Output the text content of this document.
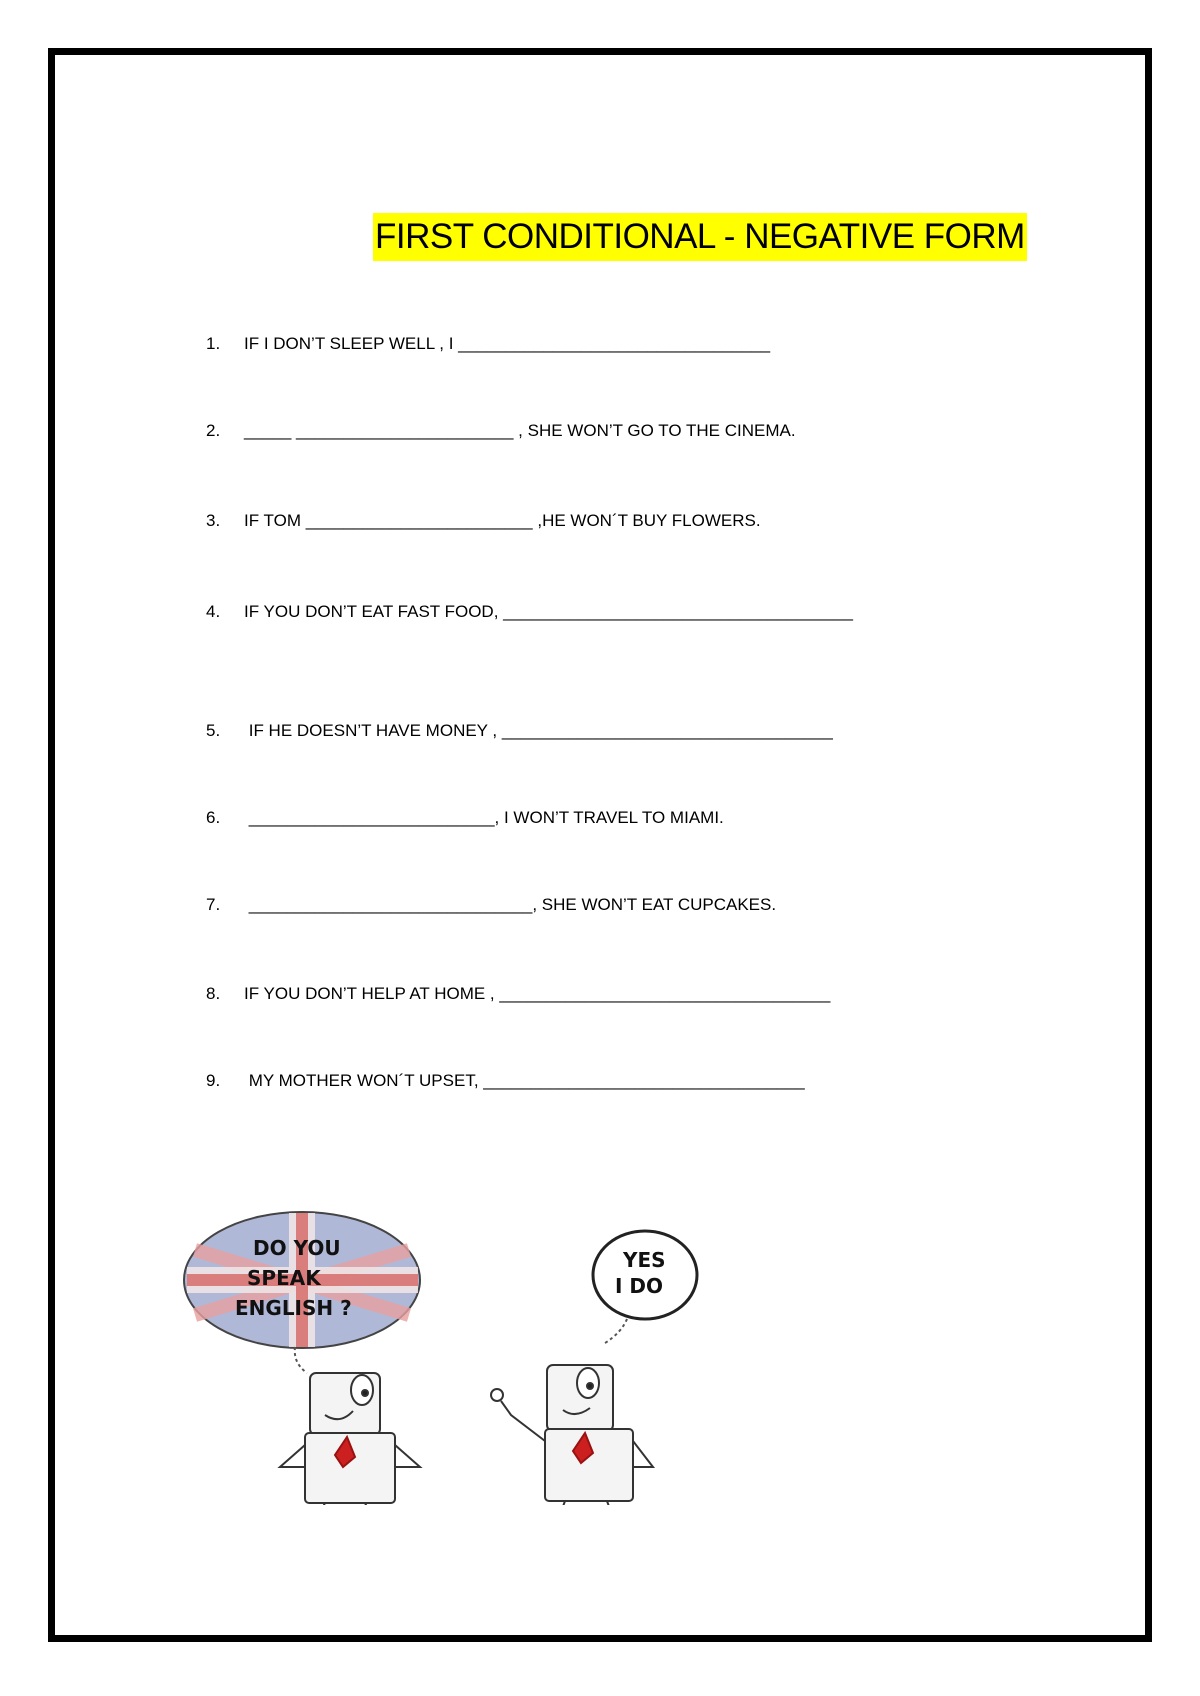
FIRST CONDITIONAL - NEGATIVE FORM
1. IF I DON’T SLEEP WELL , I _________________________________
2. _____ _______________________ , SHE WON’T GO TO THE CINEMA.
3. IF TOM ________________________ ,HE WON´T BUY FLOWERS.
4. IF YOU DON’T EAT FAST FOOD, _____________________________________
5. IF HE DOESN’T HAVE MONEY , ___________________________________
6. __________________________, I WON’T TRAVEL TO MIAMI.
7. ______________________________, SHE WON’T EAT CUPCAKES.
8. IF YOU DON’T HELP AT HOME , ___________________________________
9. MY MOTHER WON´T UPSET, __________________________________
DO YOU
SPEAK
ENGLISH ?
YES
I DO
